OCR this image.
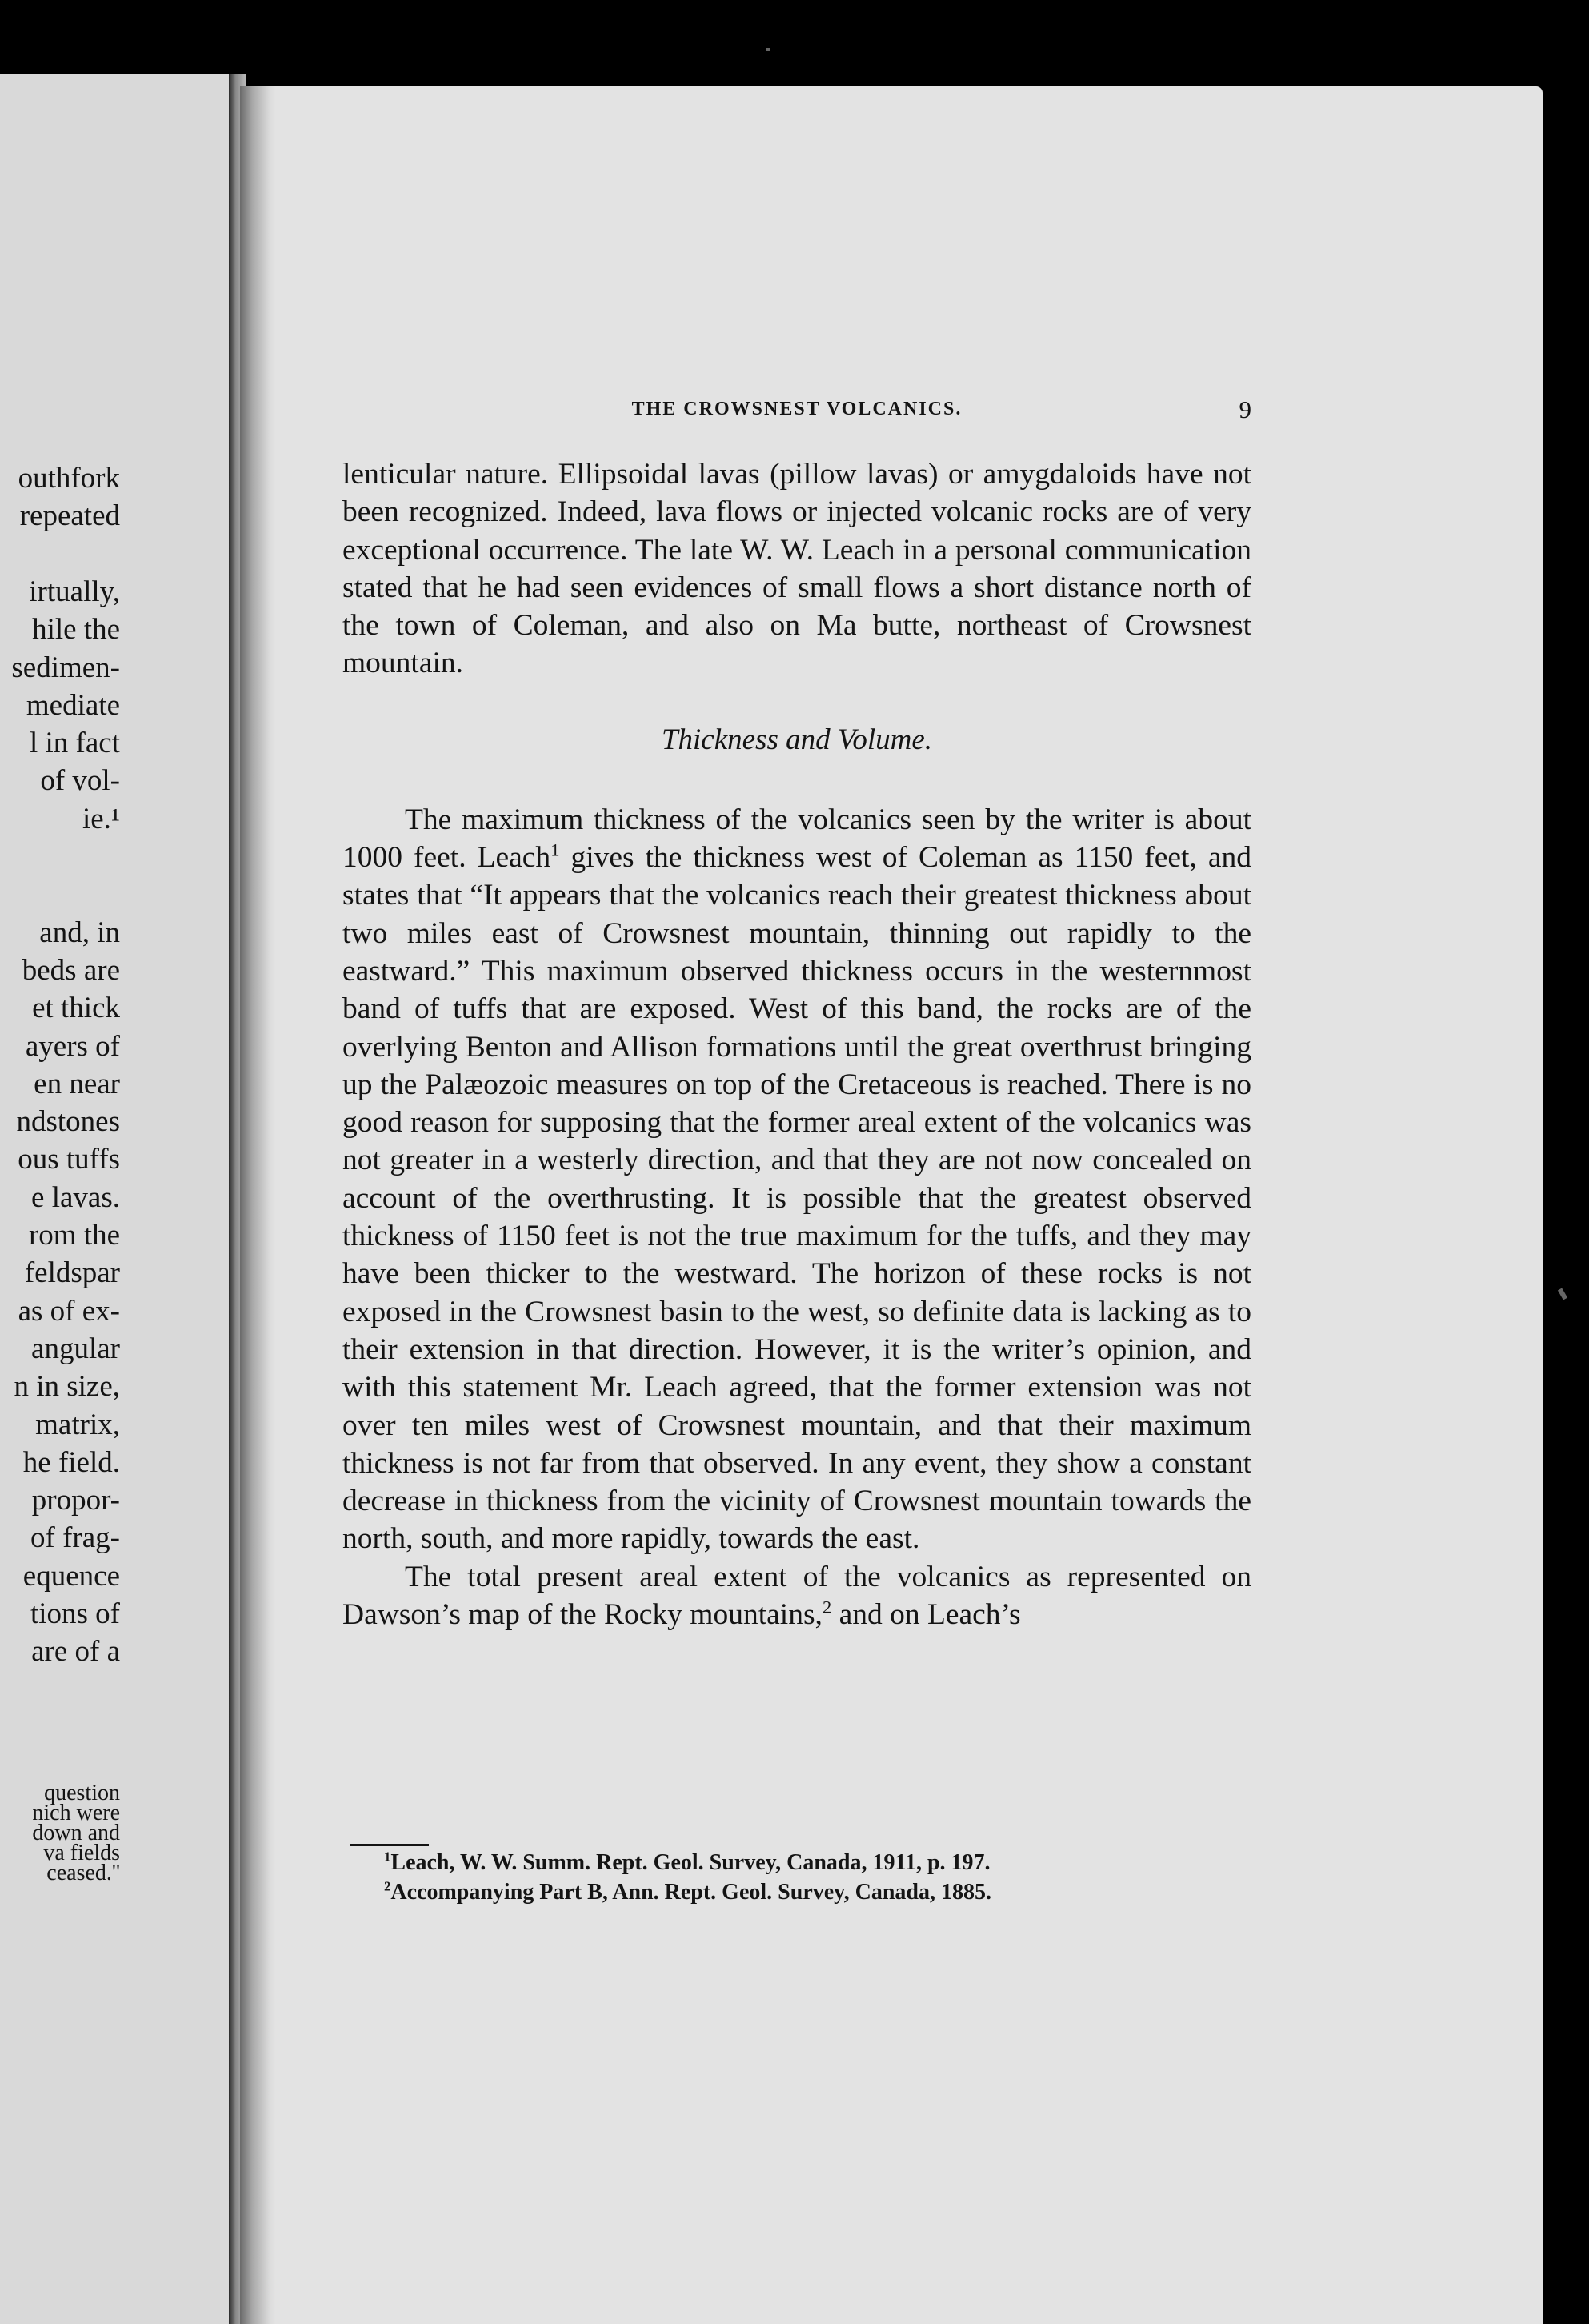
outhfork
repeated
irtually,
hile the
sedimen-
mediate
l in fact
of vol-
ie.¹
and, in
beds are
et thick
ayers of
en near
ndstones
ous tuffs
e lavas.
rom the
feldspar
as of ex-
angular
n in size,
matrix,
he field.
propor-
of frag-
equence
tions of
are of a
question
nich were
down and
va fields
ceased.''
THE CROWSNEST VOLCANICS.	9

lenticular nature. Ellipsoidal lavas (pillow lavas) or amygdaloids have not been recognized. Indeed, lava flows or injected volcanic rocks are of very exceptional occurrence. The late W. W. Leach in a personal communication stated that he had seen evidences of small flows a short distance north of the town of Coleman, and also on Ma butte, northeast of Crowsnest mountain.

Thickness and Volume.

The maximum thickness of the volcanics seen by the writer is about 1000 feet. Leach$^1$ gives the thickness west of Coleman as 1150 feet, and states that “It appears that the volcanics reach their greatest thickness about two miles east of Crowsnest mountain, thinning out rapidly to the eastward.” This maximum observed thickness occurs in the westernmost band of tuffs that are exposed. West of this band, the rocks are of the overlying Benton and Allison formations until the great overthrust bringing up the Palæozoic measures on top of the Cretaceous is reached. There is no good reason for supposing that the former areal extent of the volcanics was not greater in a westerly direction, and that they are not now concealed on account of the overthrusting. It is possible that the greatest observed thickness of 1150 feet is not the true maximum for the tuffs, and they may have been thicker to the westward. The horizon of these rocks is not exposed in the Crowsnest basin to the west, so definite data is lacking as to their extension in that direction. However, it is the writer’s opinion, and with this statement Mr. Leach agreed, that the former extension was not over ten miles west of Crowsnest mountain, and that their maximum thickness is not far from that observed. In any event, they show a constant decrease in thickness from the vicinity of Crowsnest mountain towards the north, south, and more rapidly, towards the east.

The total present areal extent of the volcanics as represented on Dawson’s map of the Rocky mountains,$^2$ and on Leach’s

$^1$Leach, W. W. Summ. Rept. Geol. Survey, Canada, 1911, p. 197.

$^2$Accompanying Part B, Ann. Rept. Geol. Survey, Canada, 1885.
